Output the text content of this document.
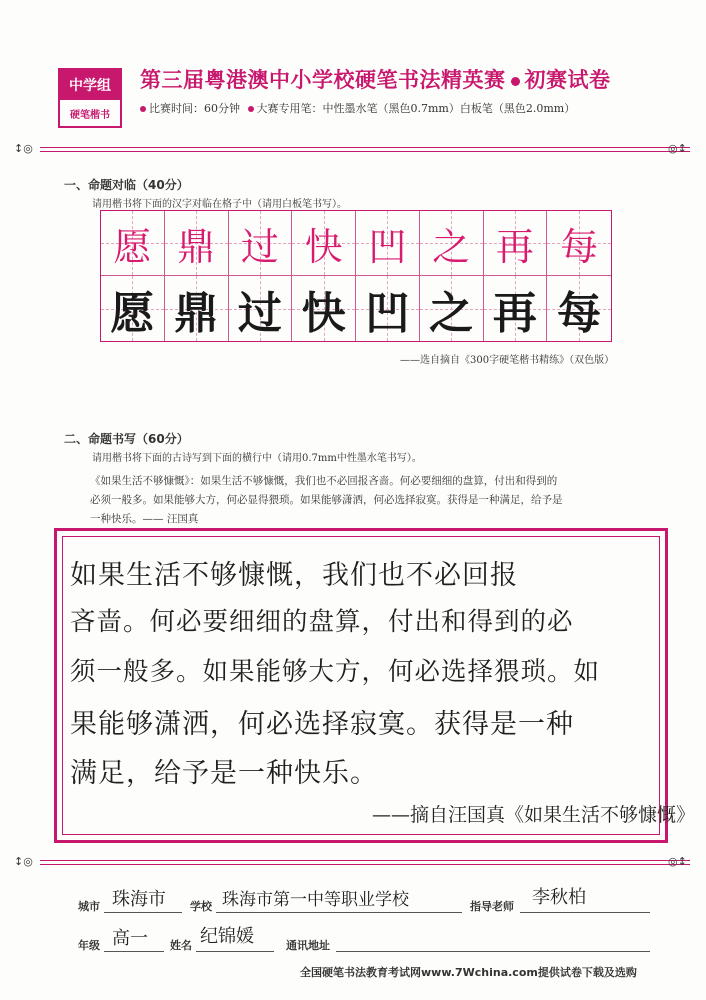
中学组
硬笔楷书
第三届粤港澳中小学校硬笔书法精英赛 初赛试卷
比赛时间：60分钟 大赛专用笔：中性墨水笔（黑色0.7mm）白板笔（黑色2.0mm）
↕◎	◎↕
一、命题对临（40分）
请用楷书将下面的汉字对临在格子中（请用白板笔书写）。
愿 鼎 过 快 凹 之 再 每
愿 鼎 过 快 凹 之 再 每
——选自摘自《300字硬笔楷书精练》（双色版）
二、命题书写（60分）
请用楷书将下面的古诗写到下面的横行中（请用0.7mm中性墨水笔书写）。
《如果生活不够慷慨》：如果生活不够慷慨，我们也不必回报吝啬。何必要细细的盘算，付出和得到的
必须一般多。如果能够大方，何必显得猥琐。如果能够潇洒，何必选择寂寞。获得是一种满足，给予是
一种快乐。—— 汪国真
如果生活不够慷慨，我们也不必回报
吝啬。何必要细细的盘算，付出和得到的必
须一般多。如果能够大方，何必选择猥琐。如
果能够潇洒，何必选择寂寞。获得是一种
满足，给予是一种快乐。
——摘自汪国真《如果生活不够慷慨》
↕◎	◎↕
城市 珠海市 学校 珠海市第一中等职业学校	指导老师 李秋柏
年级 高一 姓名 纪锦媛	通讯地址
全国硬笔书法教育考试网www.7Wchina.com提供试卷下载及选购
